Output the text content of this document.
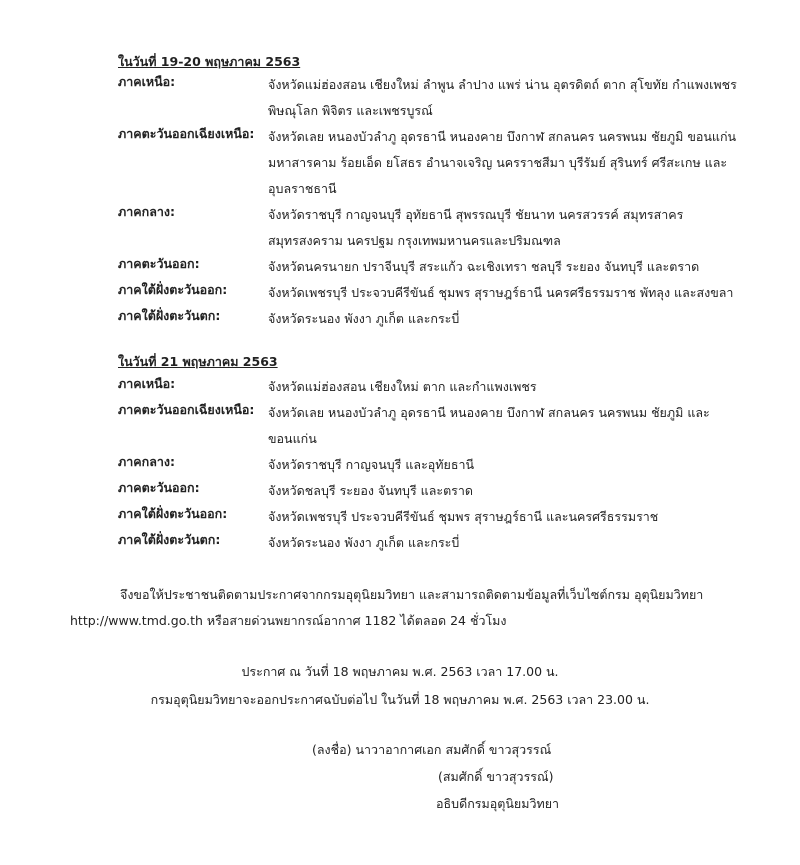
ในวันที่ 19-20 พฤษภาคม 2563
ภาคเหนือ:	จังหวัดแม่ฮ่องสอน เชียงใหม่ ลำพูน ลำปาง แพร่ น่าน อุตรดิตถ์ ตาก สุโขทัย กำแพงเพชร พิษณุโลก พิจิตร และเพชรบูรณ์
ภาคตะวันออกเฉียงเหนือ: จังหวัดเลย หนองบัวลำภู อุดรธานี หนองคาย บึงกาฬ สกลนคร นครพนม ชัยภูมิ ขอนแก่น มหาสารคาม ร้อยเอ็ด ยโสธร อำนาจเจริญ นครราชสีมา บุรีรัมย์ สุรินทร์ ศรีสะเกษ และอุบลราชธานี
ภาคกลาง:	จังหวัดราชบุรี กาญจนบุรี อุทัยธานี สุพรรณบุรี ชัยนาท นครสวรรค์ สมุทรสาคร สมุทรสงคราม นครปฐม กรุงเทพมหานครและปริมณฑล
ภาคตะวันออก:	จังหวัดนครนายก ปราจีนบุรี สระแก้ว ฉะเชิงเทรา ชลบุรี ระยอง จันทบุรี และตราด
ภาคใต้ฝั่งตะวันออก:	จังหวัดเพชรบุรี ประจวบคีรีขันธ์ ชุมพร สุราษฎร์ธานี นครศรีธรรมราช พัทลุง และสงขลา
ภาคใต้ฝั่งตะวันตก:	จังหวัดระนอง พังงา ภูเก็ต และกระบี่
ในวันที่ 21 พฤษภาคม 2563
ภาคเหนือ:	จังหวัดแม่ฮ่องสอน เชียงใหม่ ตาก และกำแพงเพชร
ภาคตะวันออกเฉียงเหนือ: จังหวัดเลย หนองบัวลำภู อุดรธานี หนองคาย บึงกาฬ สกลนคร นครพนม ชัยภูมิ และขอนแก่น
ภาคกลาง:	จังหวัดราชบุรี กาญจนบุรี และอุทัยธานี
ภาคตะวันออก:	จังหวัดชลบุรี ระยอง จันทบุรี และตราด
ภาคใต้ฝั่งตะวันออก:	จังหวัดเพชรบุรี ประจวบคีรีขันธ์ ชุมพร สุราษฎร์ธานี และนครศรีธรรมราช
ภาคใต้ฝั่งตะวันตก:	จังหวัดระนอง พังงา ภูเก็ต และกระบี่
จึงขอให้ประชาชนติดตามประกาศจากกรมอุตุนิยมวิทยา และสามารถติดตามข้อมูลที่เว็บไซต์กรม อุตุนิยมวิทยา
http://www.tmd.go.th หรือสายด่วนพยากรณ์อากาศ 1182 ได้ตลอด 24 ชั่วโมง
ประกาศ ณ วันที่ 18 พฤษภาคม พ.ศ. 2563 เวลา 17.00 น.
กรมอุตุนิยมวิทยาจะออกประกาศฉบับต่อไป ในวันที่ 18 พฤษภาคม พ.ศ. 2563 เวลา 23.00 น.
(ลงชื่อ) นาวาอากาศเอก สมศักดิ์ ขาวสุวรรณ์
(สมศักดิ์ ขาวสุวรรณ์)
อธิบดีกรมอุตุนิยมวิทยา
